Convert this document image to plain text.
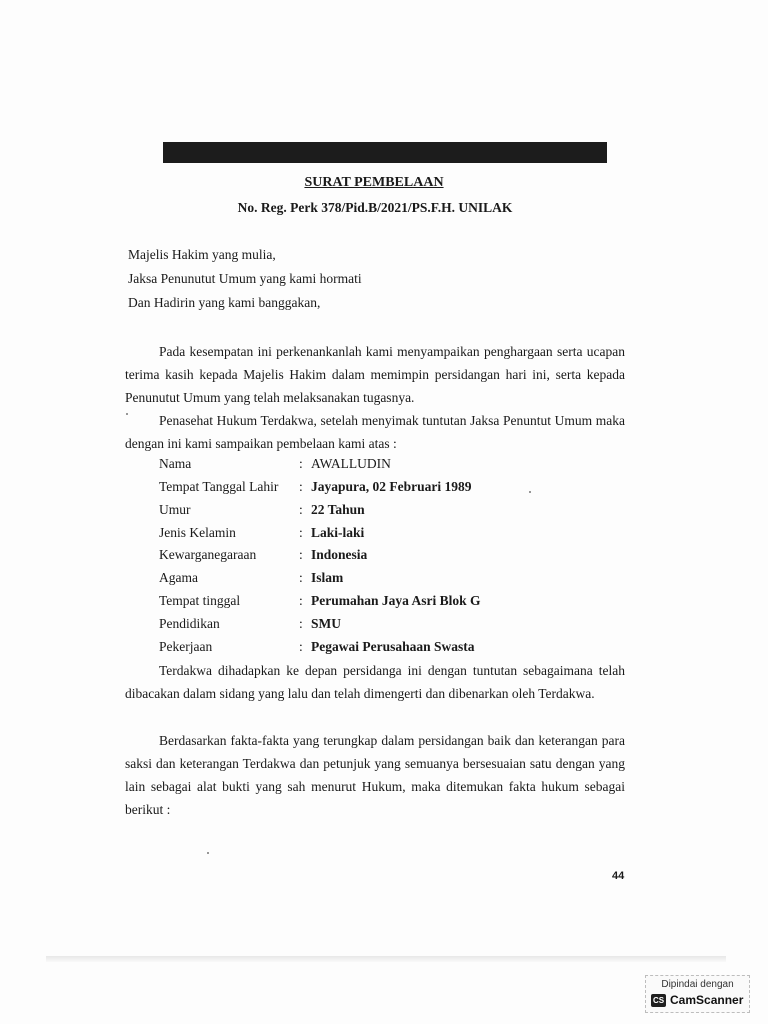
SURAT PEMBELAAN
No. Reg. Perk 378/Pid.B/2021/PS.F.H. UNILAK
Majelis Hakim yang mulia,
Jaksa Penunutut Umum yang kami hormati
Dan Hadirin yang kami banggakan,
Pada kesempatan ini perkenankanlah kami menyampaikan penghargaan serta ucapan terima kasih kepada Majelis Hakim dalam memimpin persidangan hari ini, serta kepada Penunutut Umum yang telah melaksanakan tugasnya.
Penasehat Hukum Terdakwa, setelah menyimak tuntutan Jaksa Penuntut Umum maka dengan ini kami sampaikan pembelaan kami atas :
Nama	: AWALLUDIN
Tempat Tanggal Lahir : Jayapura, 02 Februari 1989
Umur	: 22 Tahun
Jenis Kelamin	: Laki-laki
Kewarganegaraan	: Indonesia
Agama	: Islam
Tempat tinggal	: Perumahan Jaya Asri Blok G
Pendidikan	: SMU
Pekerjaan	: Pegawai Perusahaan Swasta
Terdakwa dihadapkan ke depan persidanga ini dengan tuntutan sebagaimana telah dibacakan dalam sidang yang lalu dan telah dimengerti dan dibenarkan oleh Terdakwa.
Berdasarkan fakta-fakta yang terungkap dalam persidangan baik dan keterangan para saksi dan keterangan Terdakwa dan petunjuk yang semuanya bersesuaian satu dengan yang lain sebagai alat bukti yang sah menurut Hukum, maka ditemukan fakta hukum sebagai berikut :
44
Dipindai dengan
CS CamScanner
